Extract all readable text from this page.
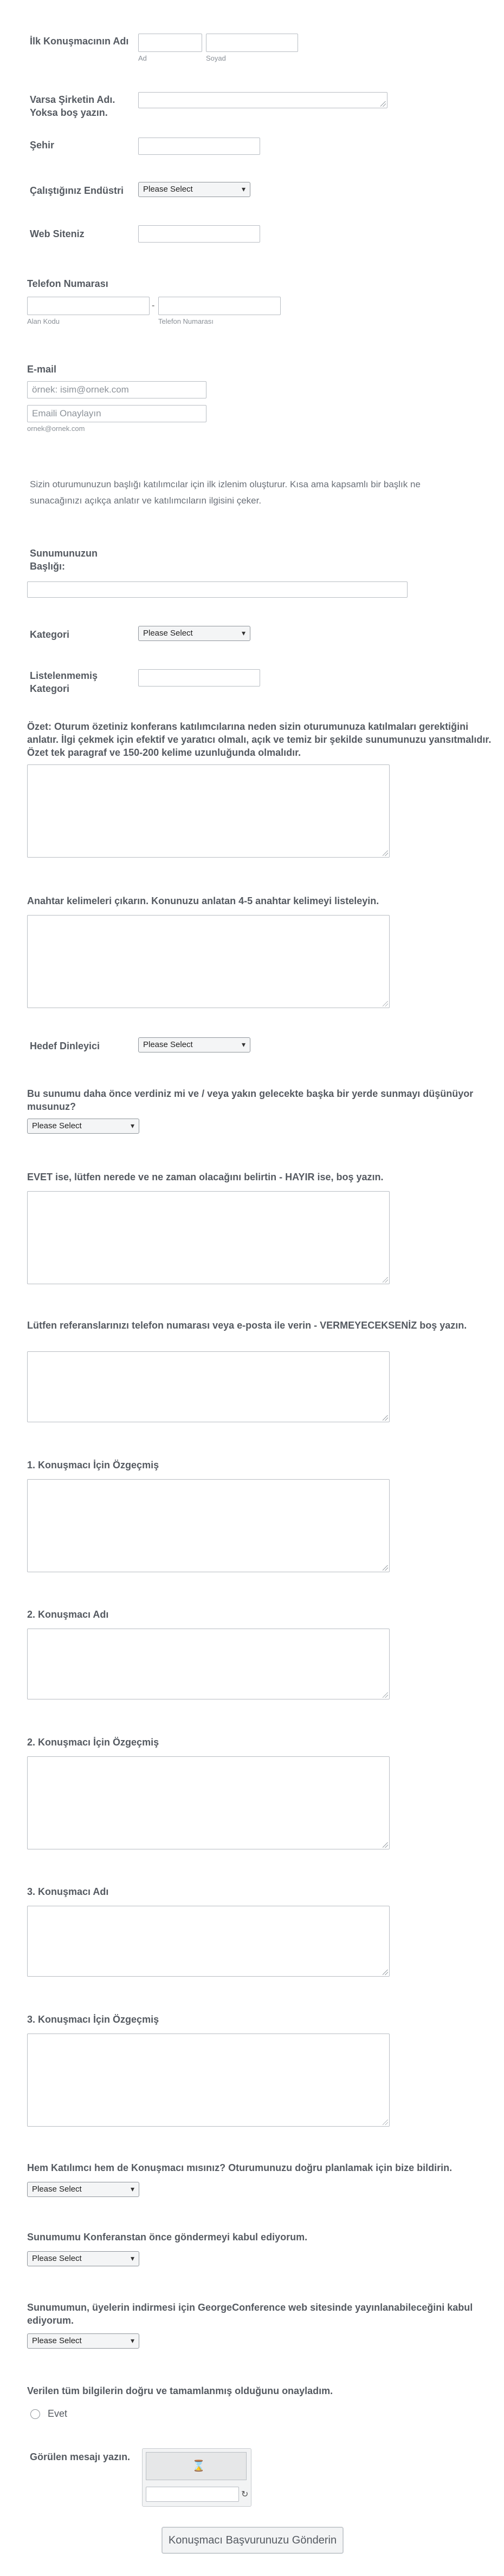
İlk Konuşmacının Adı
Ad	Soyad
Varsa Şirketin Adı. Yoksa boş yazın.
Şehir
Çalıştığınız Endüstri Please Select	▾
Web Siteniz
Telefon Numarası
-
Alan Kodu	Telefon Numarası
E-mail
örnek: isim@ornek.com
Emaili Onaylayın
ornek@ornek.com
Sizin oturumunuzun başlığı katılımcılar için ilk izlenim oluşturur. Kısa ama kapsamlı bir başlık ne sunacağınızı açıkça anlatır ve katılımcıların ilgisini çeker.
Sunumunuzun Başlığı:
Kategori	Please Select	▾
Listelenmemiş Kategori
Özet: Oturum özetiniz konferans katılımcılarına neden sizin oturumunuza katılmaları gerektiğini anlatır. İlgi çekmek için efektif ve yaratıcı olmalı, açık ve temiz bir şekilde sunumunuzu yansıtmalıdır. Özet tek paragraf ve 150-200 kelime uzunluğunda olmalıdır.
Anahtar kelimeleri çıkarın. Konunuzu anlatan 4-5 anahtar kelimeyi listeleyin.
Hedef Dinleyici	Please Select	▾
Bu sunumu daha önce verdiniz mi ve / veya yakın gelecekte başka bir yerde sunmayı düşünüyor musunuz?
Please Select	▾
EVET ise, lütfen nerede ve ne zaman olacağını belirtin - HAYIR ise, boş yazın.
Lütfen referanslarınızı telefon numarası veya e-posta ile verin - VERMEYECEKSENİZ boş yazın.
1. Konuşmacı İçin Özgeçmiş
2. Konuşmacı Adı
2. Konuşmacı İçin Özgeçmiş
3. Konuşmacı Adı
3. Konuşmacı İçin Özgeçmiş
Hem Katılımcı hem de Konuşmacı mısınız? Oturumunuzu doğru planlamak için bize bildirin.
Please Select	▾
Sunumumu Konferanstan önce göndermeyi kabul ediyorum.
Please Select	▾
Sunumumun, üyelerin indirmesi için GeorgeConference web sitesinde yayınlanabileceğini kabul ediyorum.
Please Select	▾
Verilen tüm bilgilerin doğru ve tamamlanmış olduğunu onayladım.
Evet
Görülen mesajı yazın.
⌛
↻
Konuşmacı Başvurunuzu Gönderin
